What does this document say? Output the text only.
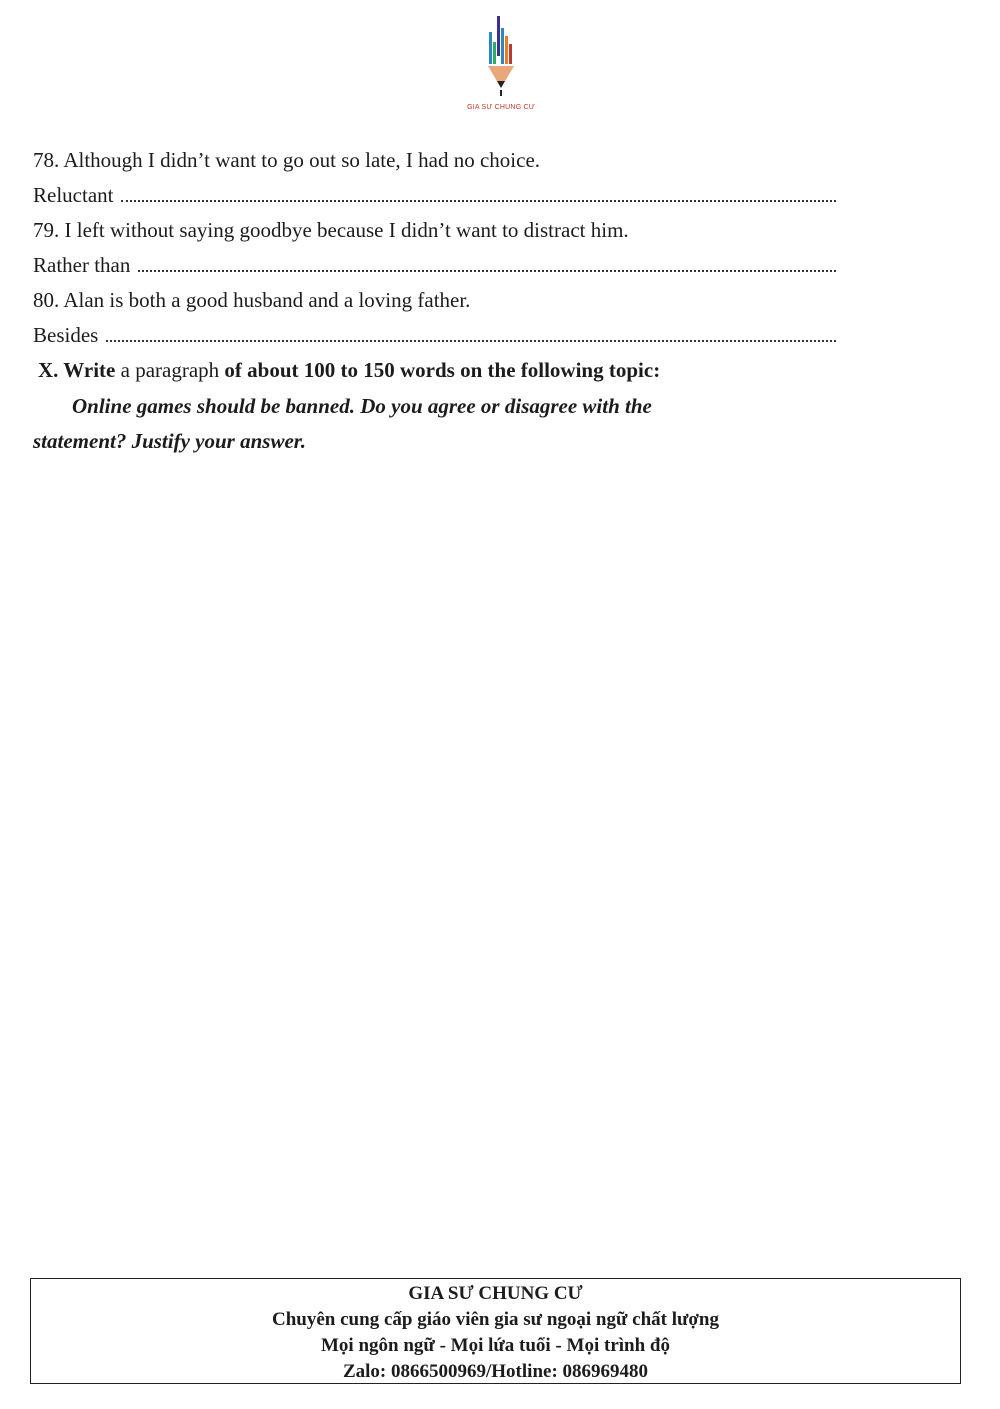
GIA SƯ CHUNG CƯ
78. Although I didn’t want to go out so late, I had no choice.
Reluctant
79. I left without saying goodbye because I didn’t want to distract him.
Rather than
80. Alan is both a good husband and a loving father.
Besides
X. Write a paragraph of about 100 to 150 words on the following topic:
Online games should be banned. Do you agree or disagree with the
statement? Justify your answer.
GIA SƯ CHUNG CƯ
Chuyên cung cấp giáo viên gia sư ngoại ngữ chất lượng
Mọi ngôn ngữ - Mọi lứa tuổi - Mọi trình độ
Zalo: 0866500969/Hotline: 086969480
